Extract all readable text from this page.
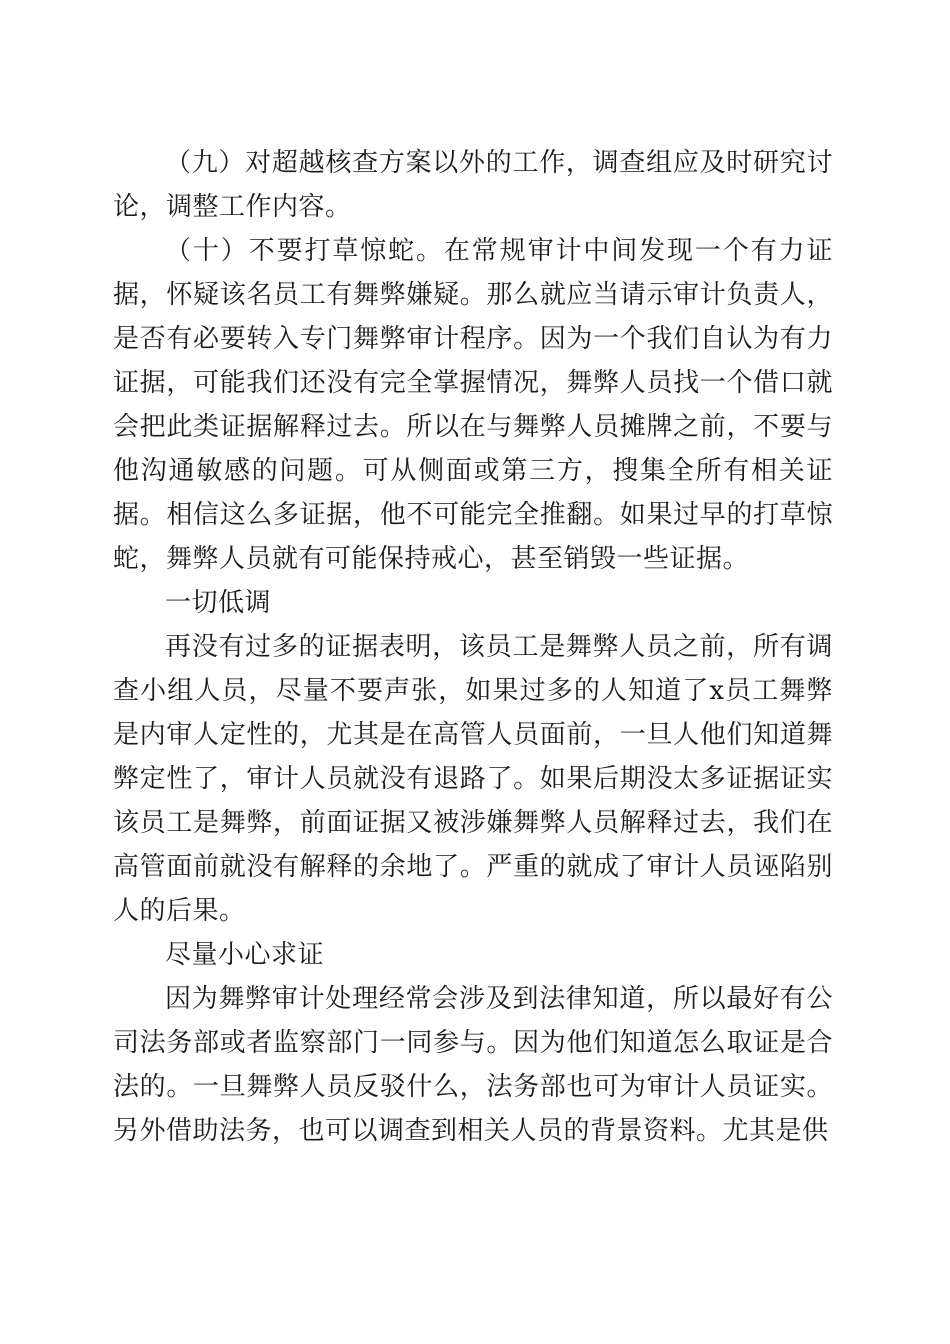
（九）对超越核查方案以外的工作，调查组应及时研究讨论，调整工作内容。

（十）不要打草惊蛇。在常规审计中间发现一个有力证据，怀疑该名员工有舞弊嫌疑。那么就应当请示审计负责人，是否有必要转入专门舞弊审计程序。因为一个我们自认为有力证据，可能我们还没有完全掌握情况，舞弊人员找一个借口就会把此类证据解释过去。所以在与舞弊人员摊牌之前，不要与他沟通敏感的问题。可从侧面或第三方，搜集全所有相关证据。相信这么多证据，他不可能完全推翻。如果过早的打草惊蛇，舞弊人员就有可能保持戒心，甚至销毁一些证据。

一切低调

再没有过多的证据表明，该员工是舞弊人员之前，所有调查小组人员，尽量不要声张，如果过多的人知道了x员工舞弊是内审人定性的，尤其是在高管人员面前，一旦人他们知道舞弊定性了，审计人员就没有退路了。如果后期没太多证据证实该员工是舞弊，前面证据又被涉嫌舞弊人员解释过去，我们在高管面前就没有解释的余地了。严重的就成了审计人员诬陷别人的后果。

尽量小心求证

因为舞弊审计处理经常会涉及到法律知道，所以最好有公司法务部或者监察部门一同参与。因为他们知道怎么取证是合法的。一旦舞弊人员反驳什么，法务部也可为审计人员证实。另外借助法务，也可以调查到相关人员的背景资料。尤其是供
